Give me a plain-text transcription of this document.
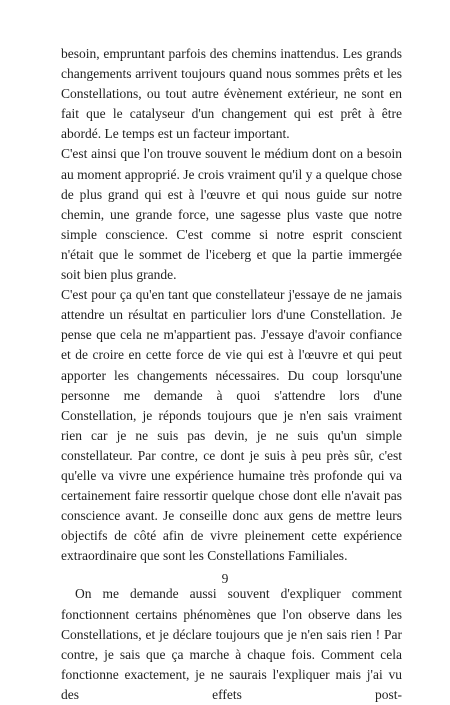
besoin, empruntant parfois des chemins inattendus. Les grands changements arrivent toujours quand nous sommes prêts et les Constellations, ou tout autre évènement extérieur, ne sont en fait que le catalyseur d'un changement qui est prêt à être abordé. Le temps est un facteur important.

C'est ainsi que l'on trouve souvent le médium dont on a besoin au moment approprié. Je crois vraiment qu'il y a quelque chose de plus grand qui est à l'œuvre et qui nous guide sur notre chemin, une grande force, une sagesse plus vaste que notre simple conscience. C'est comme si notre esprit conscient n'était que le sommet de l'iceberg et que la partie immergée soit bien plus grande.

C'est pour ça qu'en tant que constellateur j'essaye de ne jamais attendre un résultat en particulier lors d'une Constellation. Je pense que cela ne m'appartient pas. J'essaye d'avoir confiance et de croire en cette force de vie qui est à l'œuvre et qui peut apporter les changements nécessaires. Du coup lorsqu'une personne me demande à quoi s'attendre lors d'une Constellation, je réponds toujours que je n'en sais vraiment rien car je ne suis pas devin, je ne suis qu'un simple constellateur. Par contre, ce dont je suis à peu près sûr, c'est qu'elle va vivre une expérience humaine très profonde qui va certainement faire ressortir quelque chose dont elle n'avait pas conscience avant. Je conseille donc aux gens de mettre leurs objectifs de côté afin de vivre pleinement cette expérience extraordinaire que sont les Constellations Familiales.

On me demande aussi souvent d'expliquer comment fonctionnent certains phénomènes que l'on observe dans les Constellations, et je déclare toujours que je n'en sais rien ! Par contre, je sais que ça marche à chaque fois. Comment cela fonctionne exactement, je ne saurais l'expliquer mais j'ai vu des effets post-

9
